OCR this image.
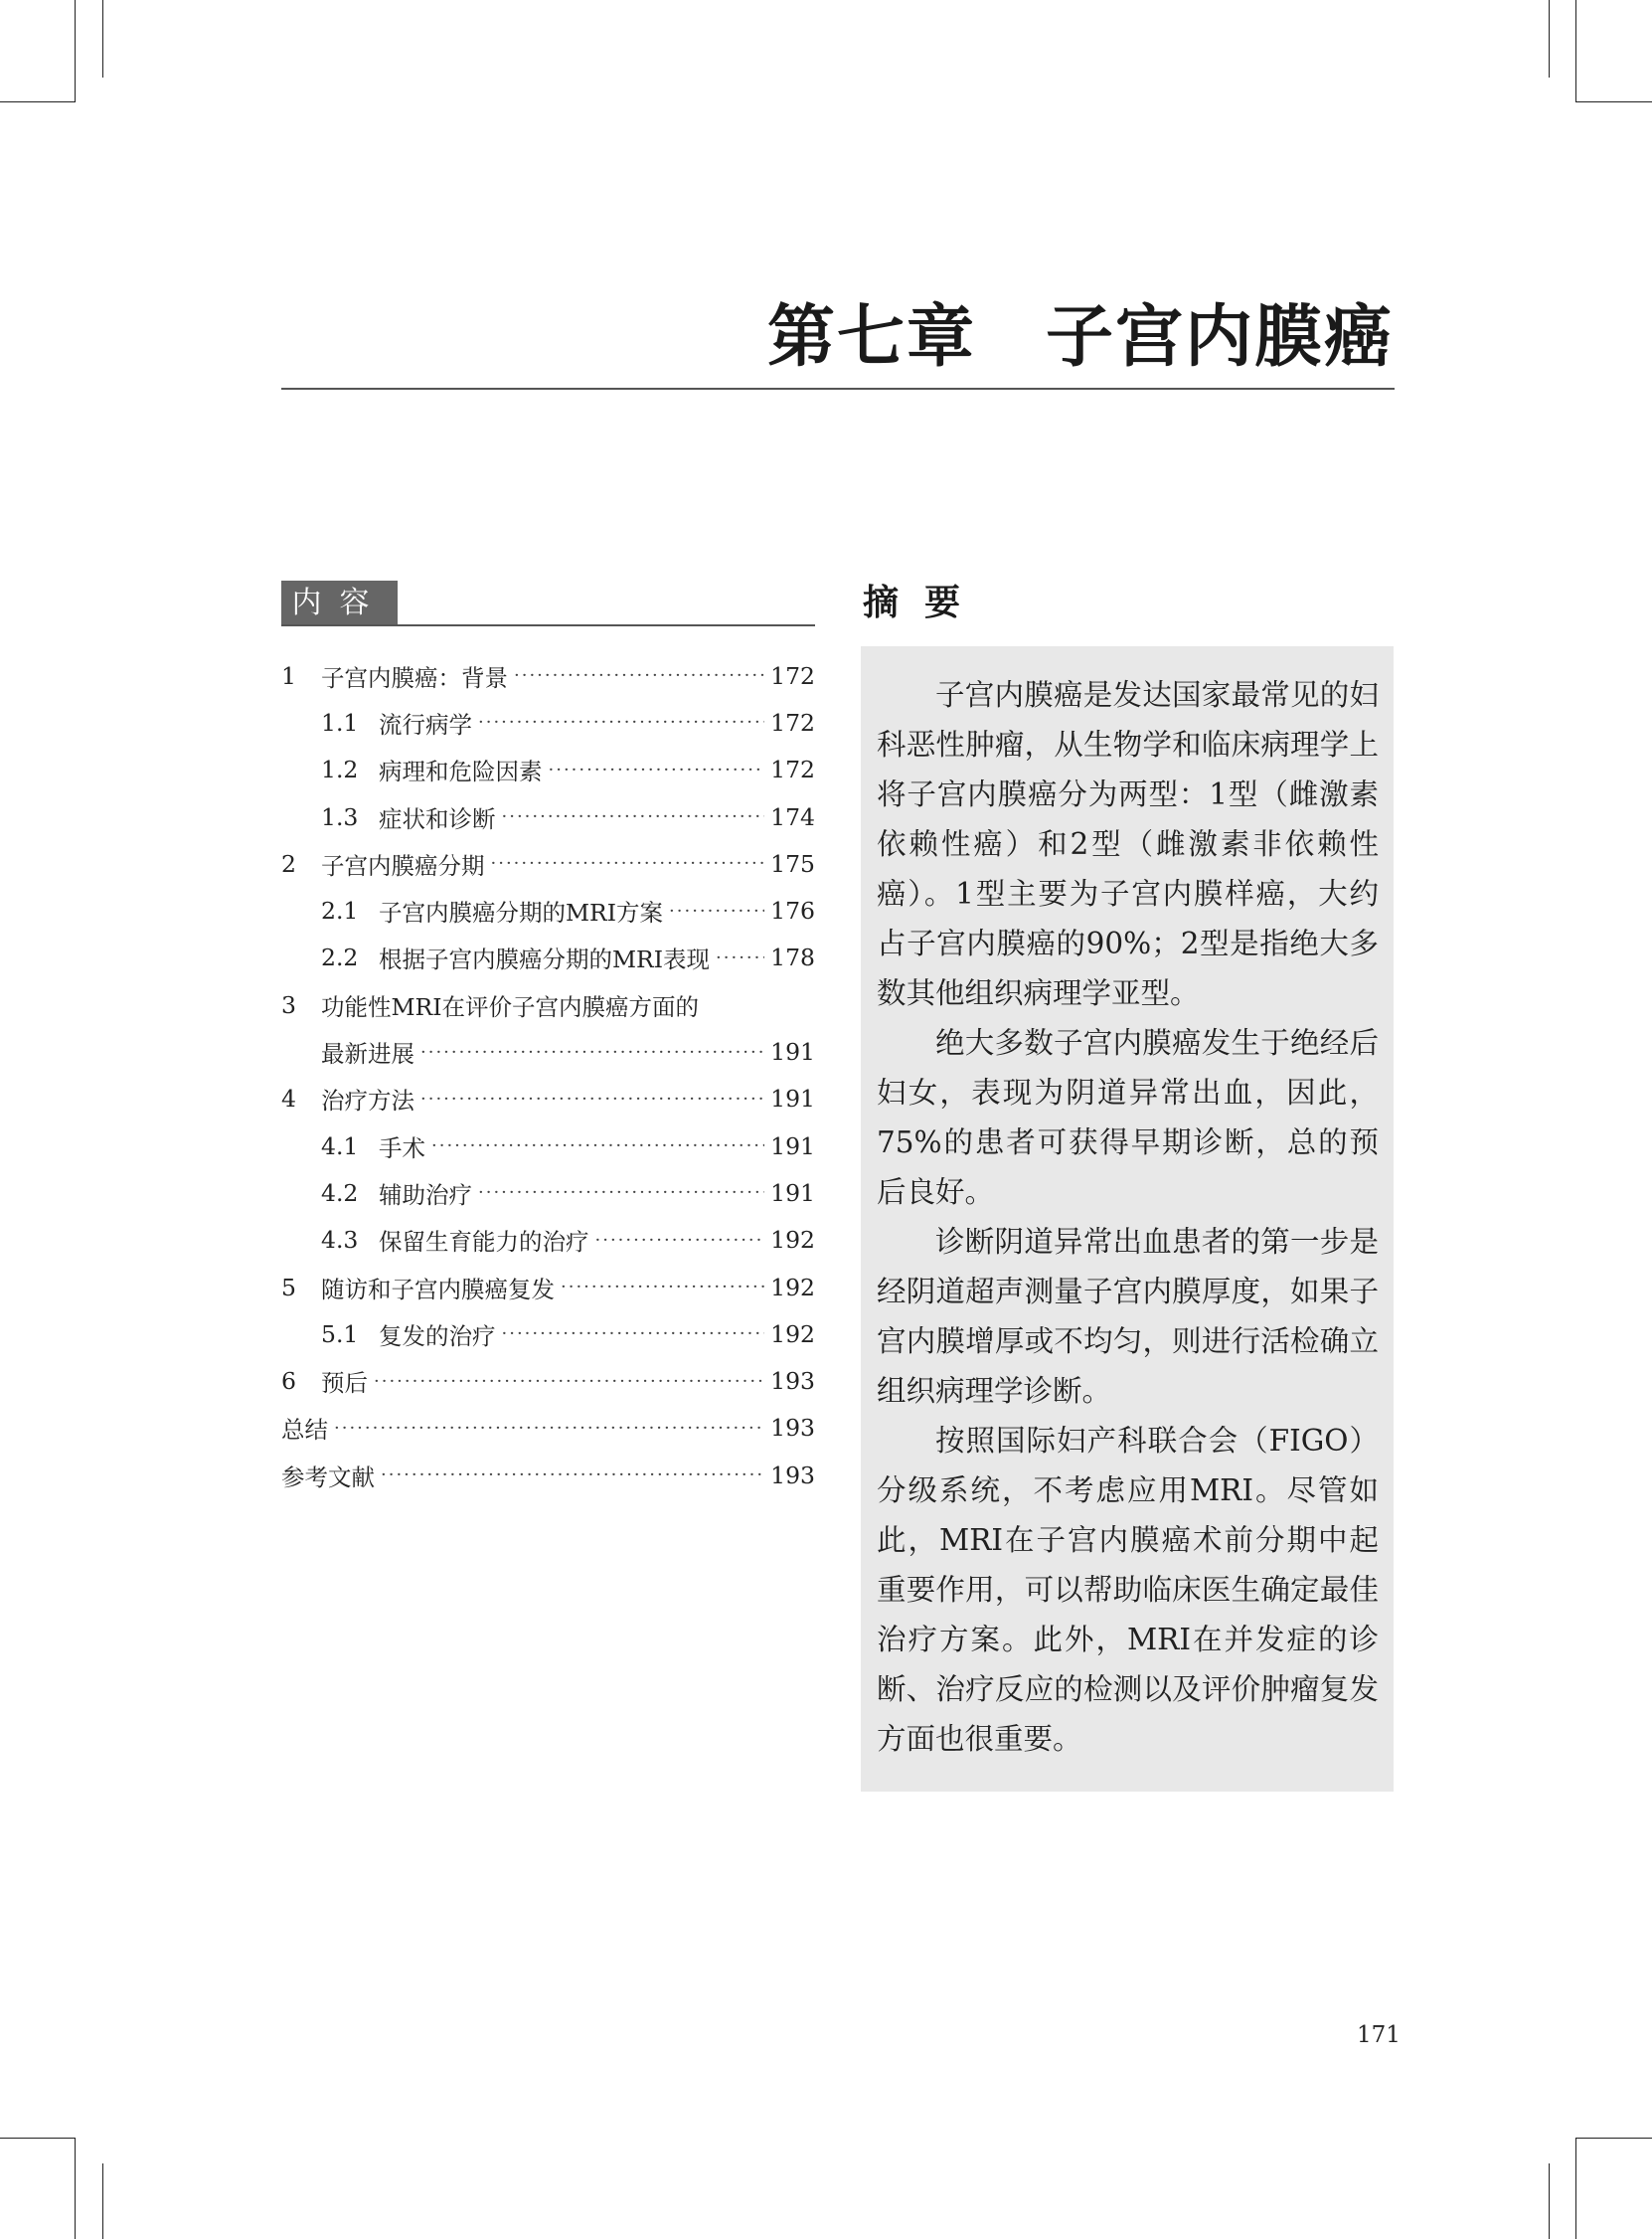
第七章　子宫内膜癌
内容
1	子宫内膜癌：背景 ·····	172
1.1 流行病学 ·····	172
1.2 病理和危险因素 ·····	172
1.3 症状和诊断 ·····	174
2	子宫内膜癌分期 ·····	175
2.1 子宫内膜癌分期的MRI方案 ·····	176
2.2 根据子宫内膜癌分期的MRI表现 ·····	178
3	功能性MRI在评价子宫内膜癌方面的
最新进展 ·····	191
4	治疗方法 ·····	191
4.1 手术 ·····	191
4.2 辅助治疗 ·····	191
4.3 保留生育能力的治疗 ·····	192
5	随访和子宫内膜癌复发 ·····	192
5.1 复发的治疗 ·····	192
6	预后 ·····	193
总结 ·····	193
参考文献 ·····	193
摘要

子宫内膜癌是发达国家最常见的妇科恶性肿瘤，从生物学和临床病理学上将子宫内膜癌分为两型：1型（雌激素依赖性癌）和2型（雌激素非依赖性癌）。1型主要为子宫内膜样癌，大约占子宫内膜癌的90%；2型是指绝大多数其他组织病理学亚型。

绝大多数子宫内膜癌发生于绝经后妇女，表现为阴道异常出血，因此，75%的患者可获得早期诊断，总的预后良好。

诊断阴道异常出血患者的第一步是经阴道超声测量子宫内膜厚度，如果子宫内膜增厚或不均匀，则进行活检确立组织病理学诊断。

按照国际妇产科联合会（FIGO）分级系统，不考虑应用MRI。尽管如此，MRI在子宫内膜癌术前分期中起重要作用，可以帮助临床医生确定最佳治疗方案。此外，MRI在并发症的诊断、治疗反应的检测以及评价肿瘤复发方面也很重要。

171
